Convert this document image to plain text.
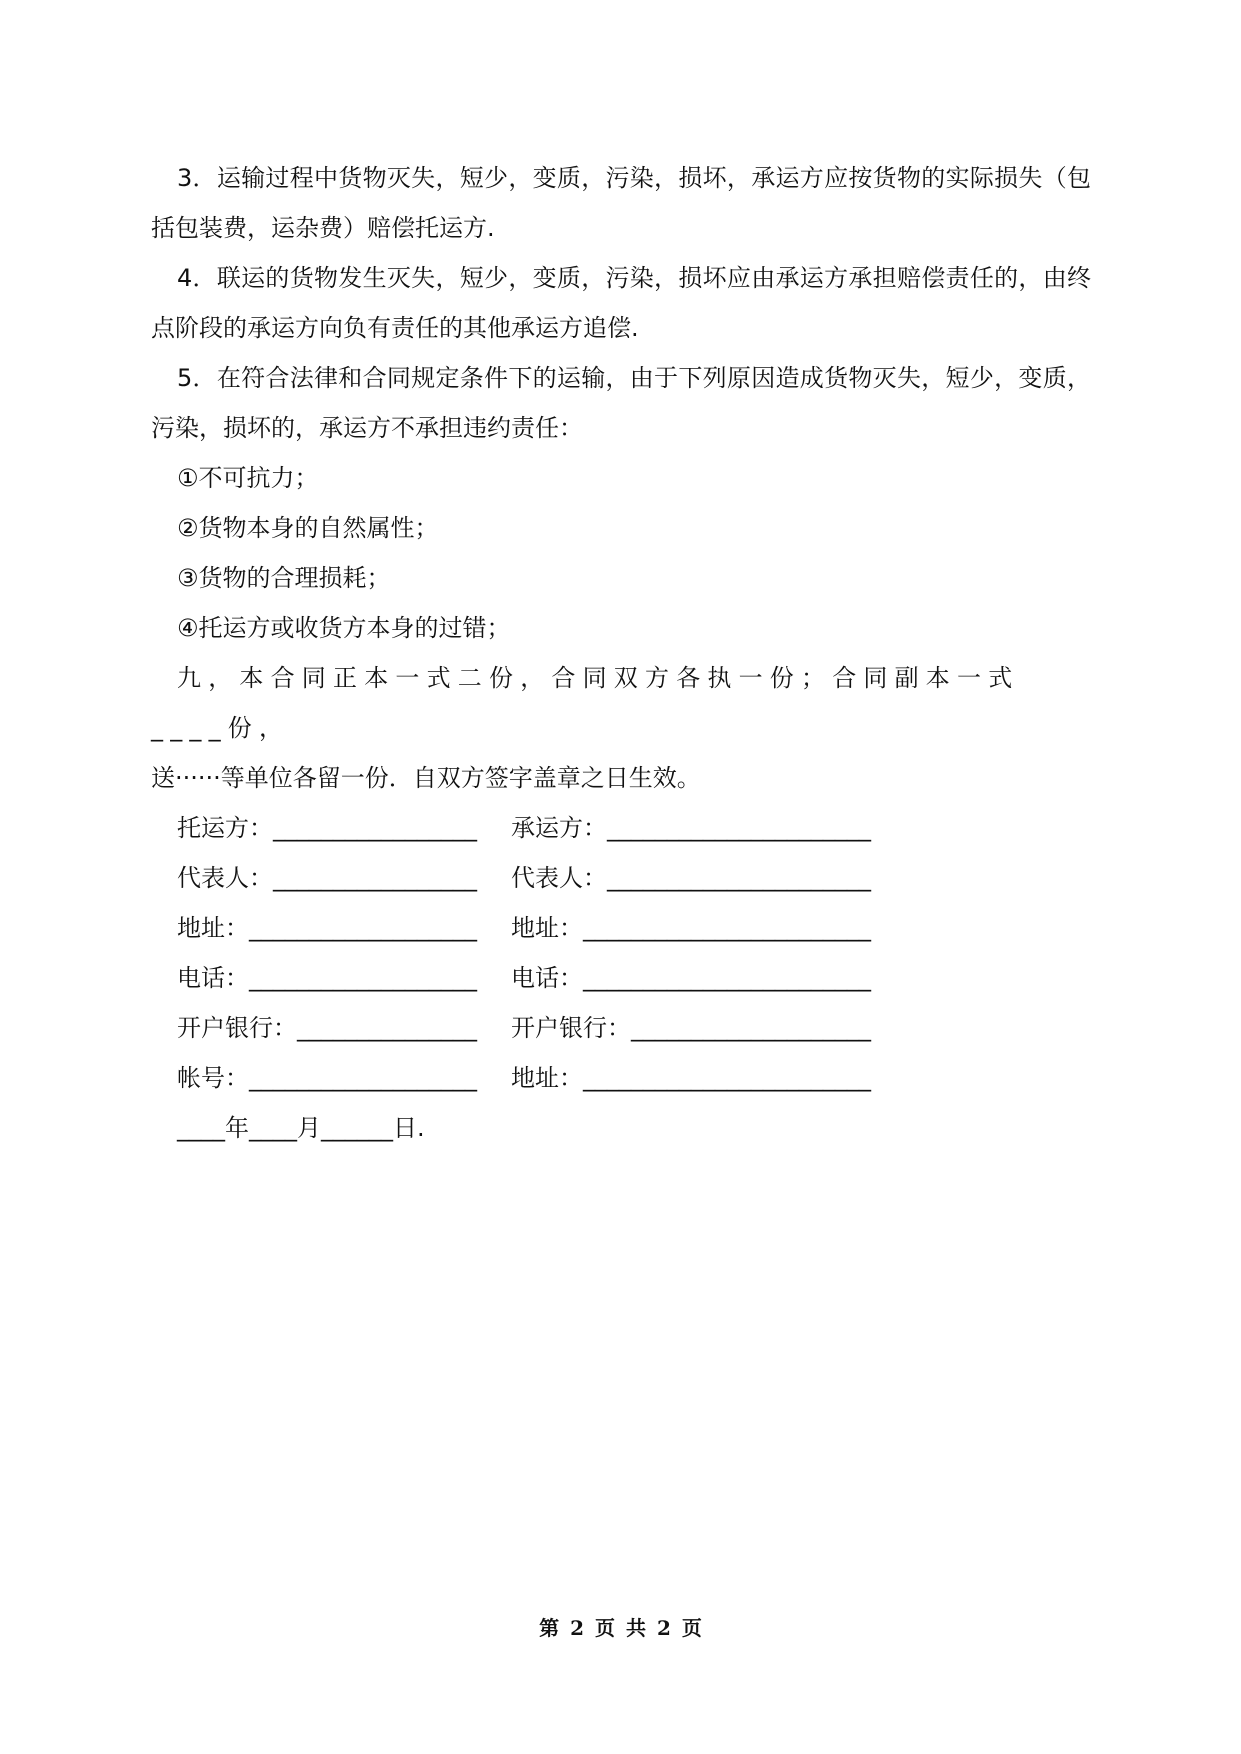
3．运输过程中货物灭失，短少，变质，污染，损坏，承运方应按货物的实际损失（包括包装费，运杂费）赔偿托运方.

4．联运的货物发生灭失，短少，变质，污染，损坏应由承运方承担赔偿责任的，由终点阶段的承运方向负有责任的其他承运方追偿.

5．在符合法律和合同规定条件下的运输，由于下列原因造成货物灭失，短少，变质，污染，损坏的，承运方不承担违约责任：

①不可抗力；

②货物本身的自然属性；

③货物的合理损耗；

④托运方或收货方本身的过错；

九，本合同正本一式二份，合同双方各执一份；合同副本一式____份，

送······等单位各留一份．自双方签字盖章之日生效。

托运方：_________________ 承运方：______________________
代表人：_________________ 代表人：______________________
地址：___________________ 地址：________________________
电话：___________________ 电话：________________________
开户银行：_______________ 开户银行：____________________
帐号：___________________ 地址：________________________

____年____月______日.

第 2 页 共 2 页
